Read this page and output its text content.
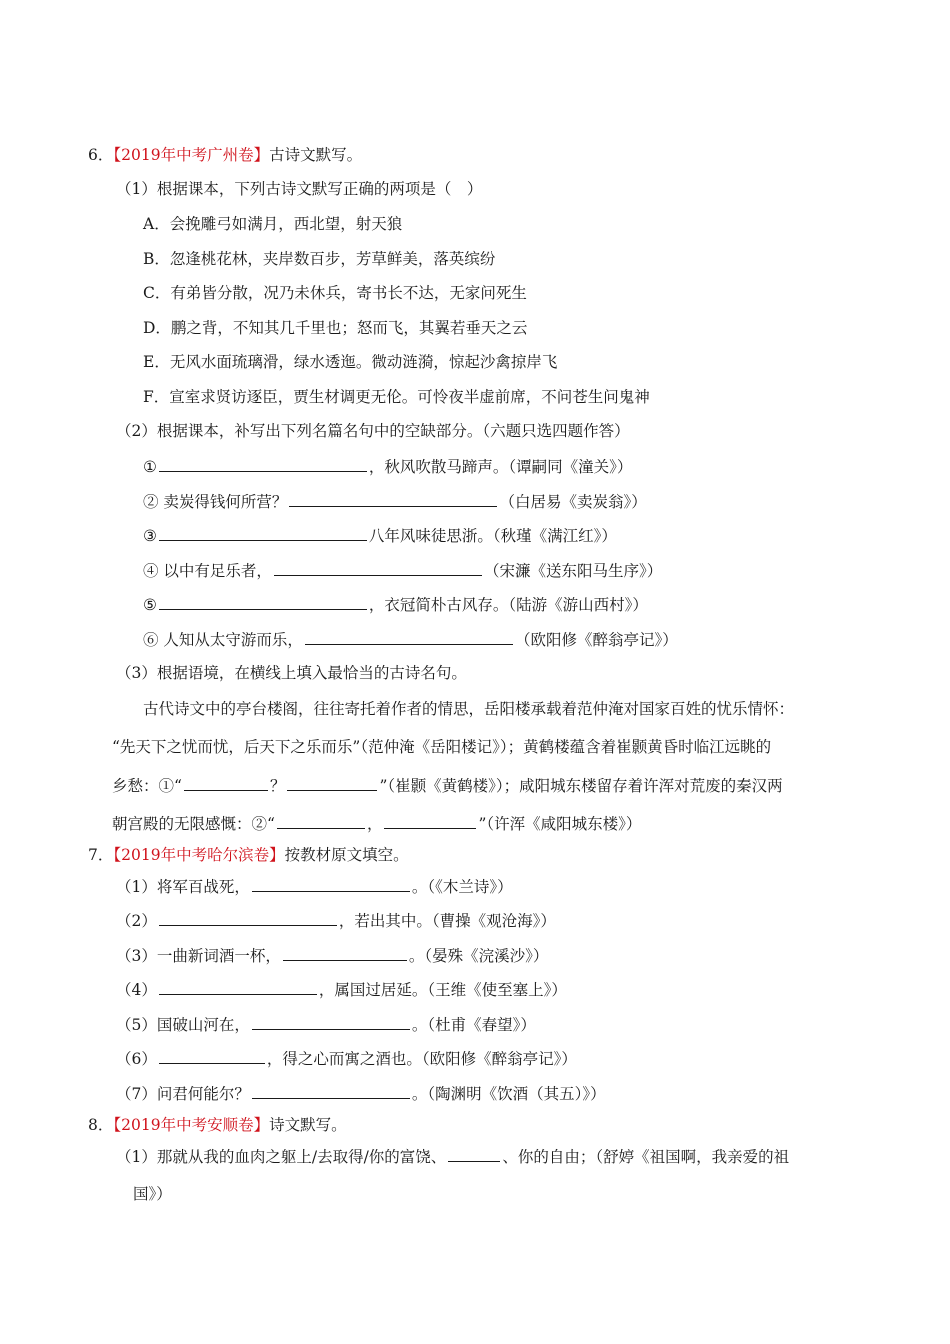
6．【2019年中考广州卷】古诗文默写。
（1）根据课本，下列古诗文默写正确的两项是（　）
A．会挽雕弓如满月，西北望，射天狼
B．忽逢桃花林，夹岸数百步，芳草鲜美，落英缤纷
C．有弟皆分散，况乃未休兵，寄书长不达，无家问死生
D．鹏之背，不知其几千里也；怒而飞，其翼若垂天之云
E．无风水面琉璃滑，绿水透迤。微动涟漪，惊起沙禽掠岸飞
F．宣室求贤访逐臣，贾生材调更无伦。可怜夜半虚前席，不问苍生问鬼神
（2）根据课本，补写出下列名篇名句中的空缺部分。（六题只选四题作答）
①	，秋风吹散马蹄声。（谭嗣同《潼关》）
② 卖炭得钱何所营？	（白居易《卖炭翁》）
③	八年风味徒思浙。（秋瑾《满江红》）
④ 以中有足乐者，	（宋濂《送东阳马生序》）
⑤	，衣冠简朴古风存。（陆游《游山西村》）
⑥ 人知从太守游而乐，	（欧阳修《醉翁亭记》）
（3）根据语境，在横线上填入最恰当的古诗名句。
古代诗文中的亭台楼阁，往往寄托着作者的情思，岳阳楼承载着范仲淹对国家百姓的忧乐情怀：
“先天下之忧而忧，后天下之乐而乐”（范仲淹《岳阳楼记》）；黄鹤楼蕴含着崔颢黄昏时临江远眺的
乡愁：①“	？	”（崔颢《黄鹤楼》）；咸阳城东楼留存着许浑对荒废的秦汉两
朝宫殿的无限感慨：②“	，	”（许浑《咸阳城东楼》）
7．【2019年中考哈尔滨卷】按教材原文填空。
（1）将军百战死，	。（《木兰诗》）
（2）	，若出其中。（曹操《观沧海》）
（3）一曲新词酒一杯，	。（晏殊《浣溪沙》）
（4）	，属国过居延。（王维《使至塞上》）
（5）国破山河在，	。（杜甫《春望》）
（6）	，得之心而寓之酒也。（欧阳修《醉翁亭记》）
（7）问君何能尔？	。（陶渊明《饮酒（其五）》）
8．【2019年中考安顺卷】诗文默写。
（1）那就从我的血肉之躯上/去取得/你的富饶、	、你的自由；（舒婷《祖国啊，我亲爱的祖
国》）
